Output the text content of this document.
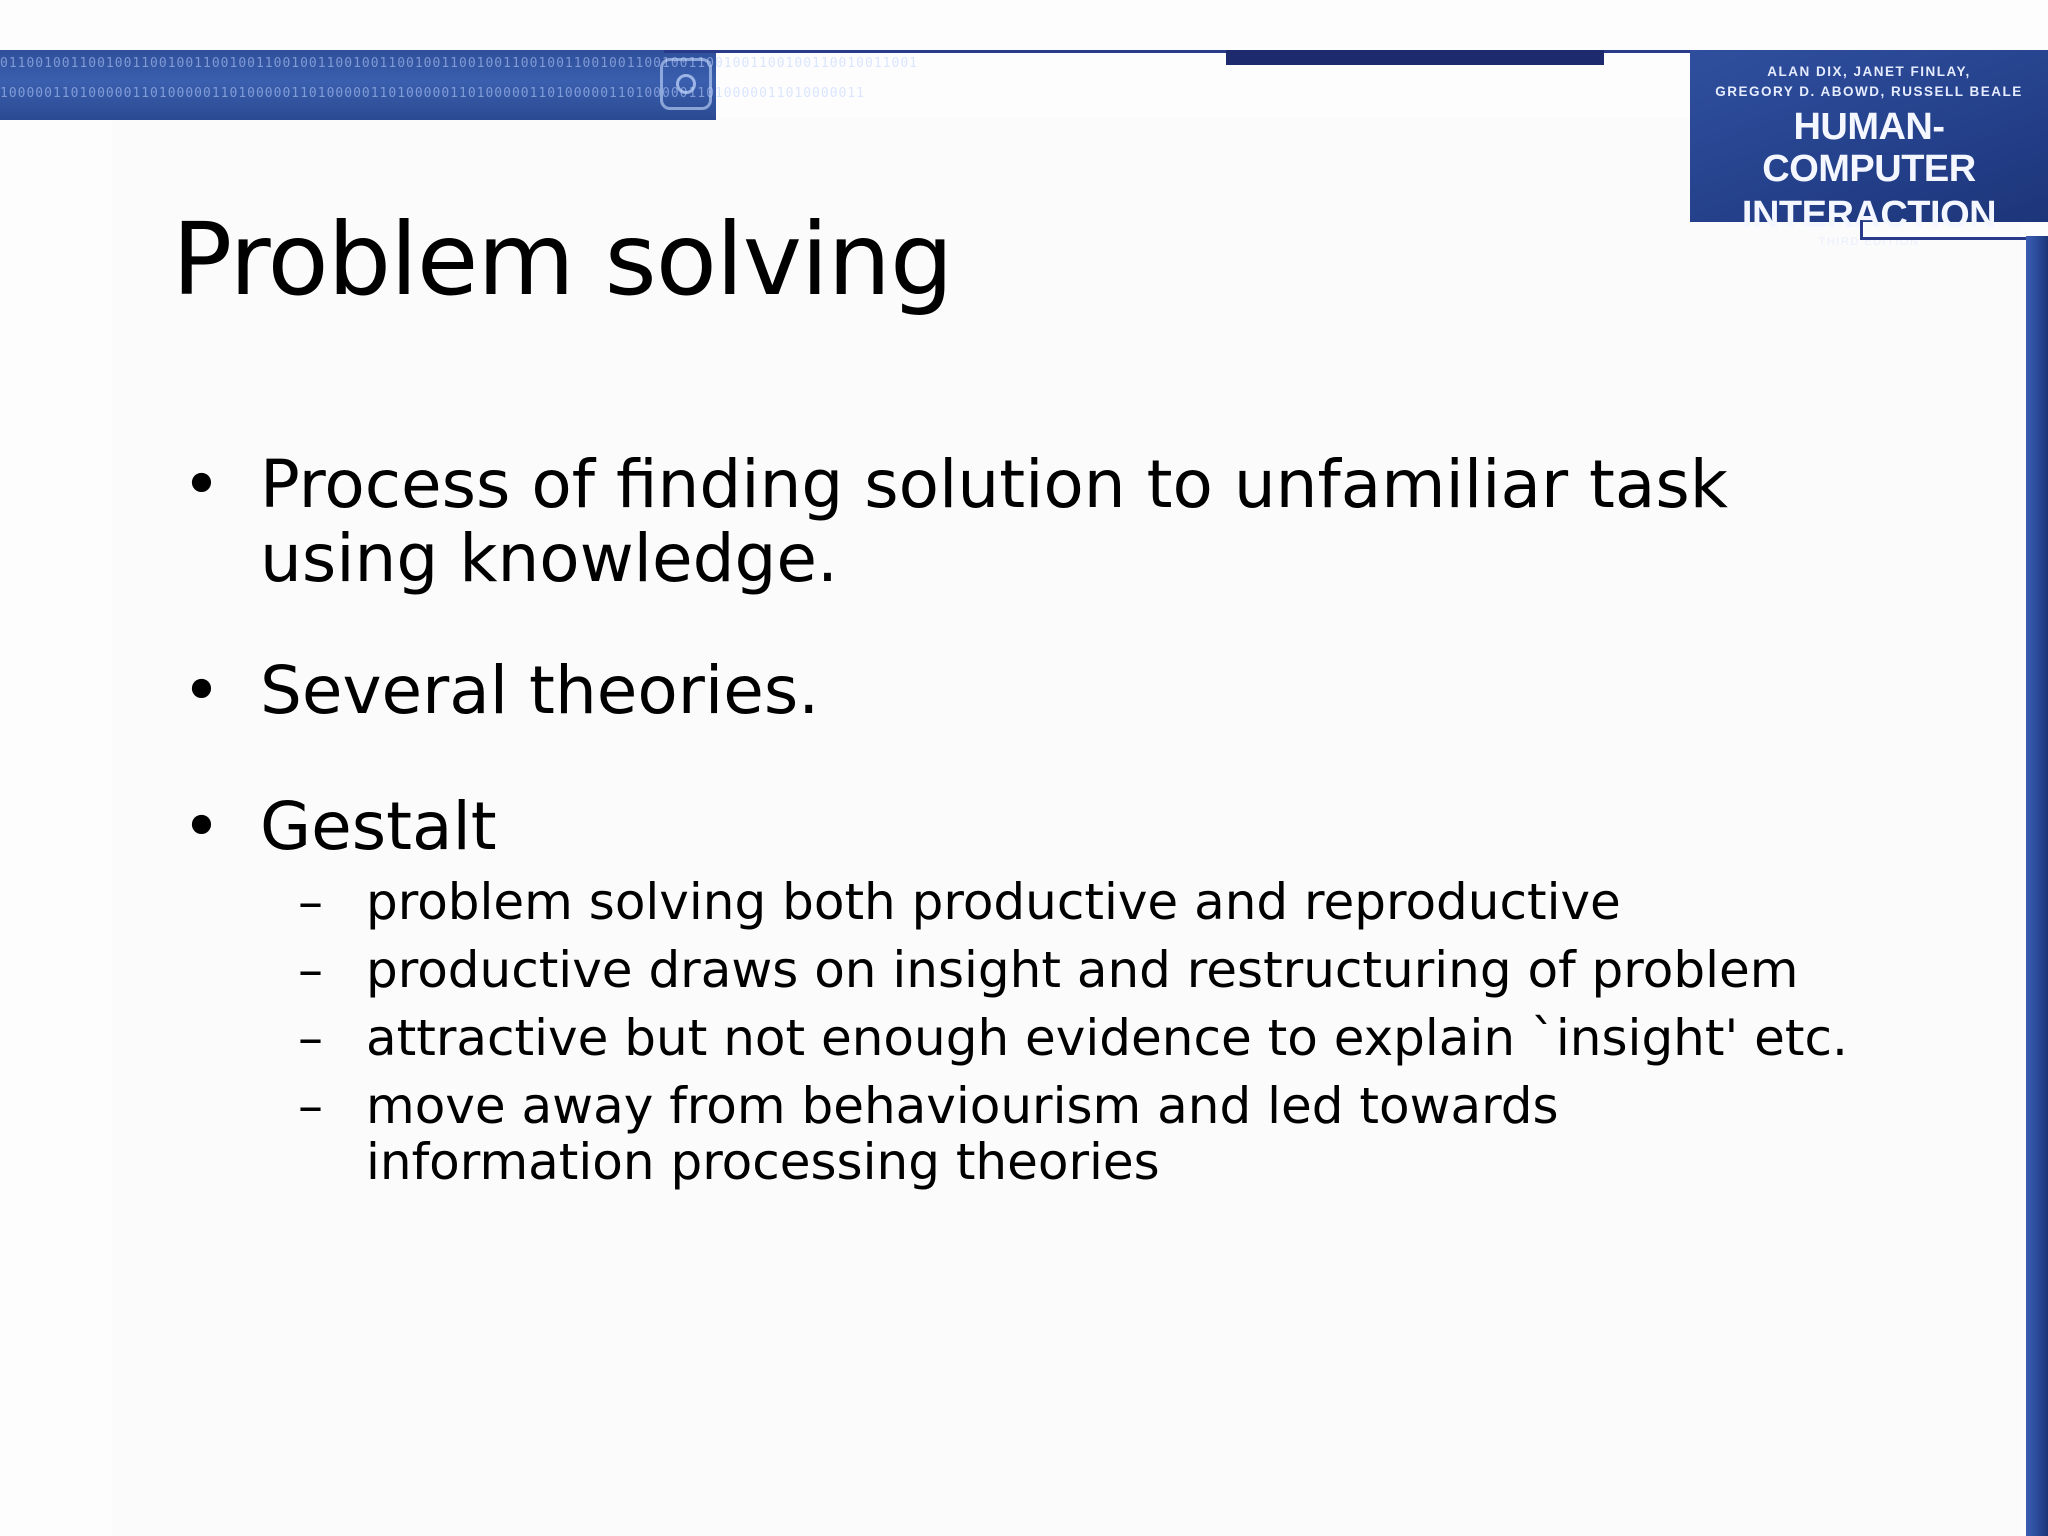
01100100110010011001001100100110010011001001100100110010011001001100100110010011001001100100110010011001
10000011010000011010000011010000011010000011010000011010000011010000011010000011010000011010000011
ALAN DIX, JANET FINLAY,
GREGORY D. ABOWD, RUSSELL BEALE
HUMAN-COMPUTER
INTERACTION
THIRD EDITION
Problem solving

• Process of finding solution to unfamiliar task using knowledge.

• Several theories.

• Gestalt

– problem solving both productive and reproductive

– productive draws on insight and restructuring of problem

– attractive but not enough evidence to explain `insight' etc.

– move away from behaviourism and led towards information processing theories
